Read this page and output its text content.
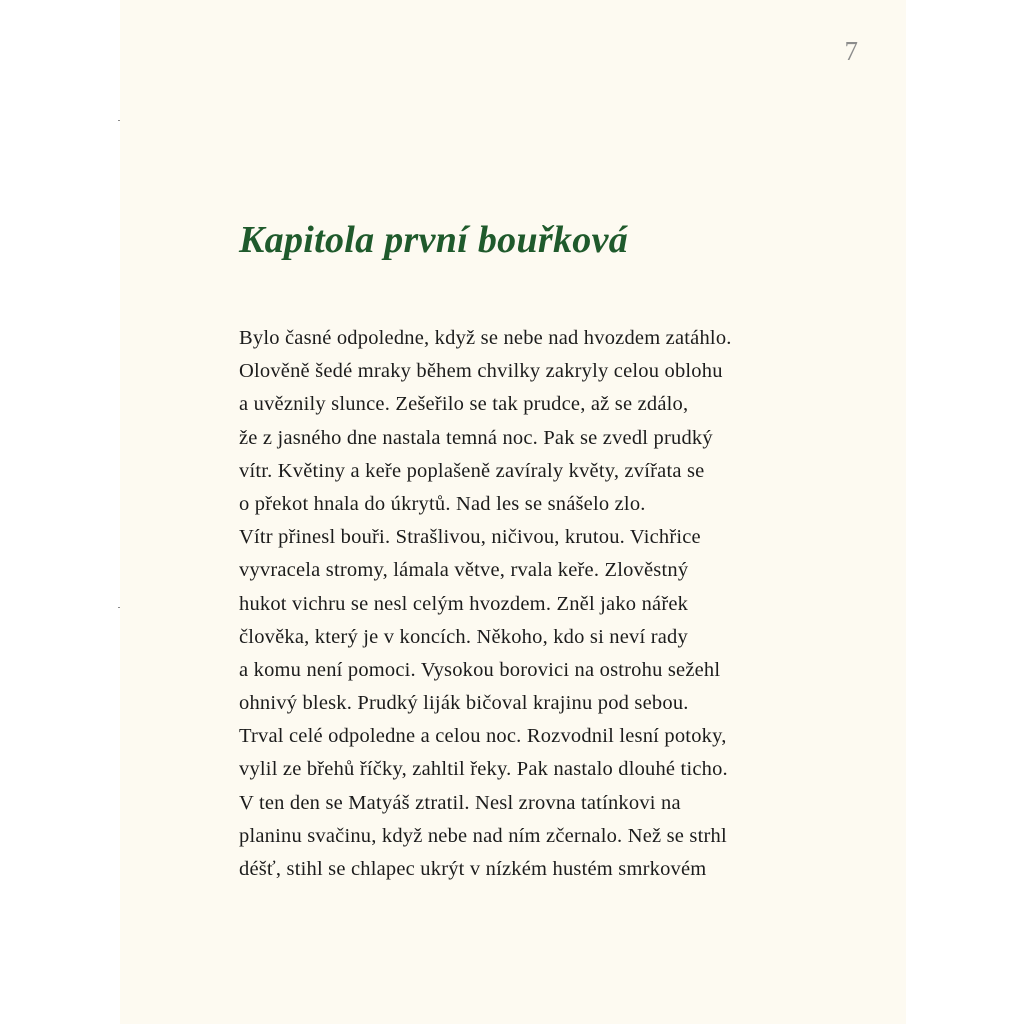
7
Kapitola první bouřková
Bylo časné odpoledne, když se nebe nad hvozdem zatáhlo.
Olověně šedé mraky během chvilky zakryly celou oblohu
a uvěznily slunce. Zešeřilo se tak prudce, až se zdálo,
že z jasného dne nastala temná noc. Pak se zvedl prudký
vítr. Květiny a keře poplašeně zavíraly květy, zvířata se
o překot hnala do úkrytů. Nad les se snášelo zlo.
Vítr přinesl bouři. Strašlivou, ničivou, krutou. Vichřice
vyvracela stromy, lámala větve, rvala keře. Zlověstný
hukot vichru se nesl celým hvozdem. Zněl jako nářek
člověka, který je v koncích. Někoho, kdo si neví rady
a komu není pomoci. Vysokou borovici na ostrohu sežehl
ohnivý blesk. Prudký liják bičoval krajinu pod sebou.
Trval celé odpoledne a celou noc. Rozvodnil lesní potoky,
vylil ze břehů říčky, zahltil řeky. Pak nastalo dlouhé ticho.
V ten den se Matyáš ztratil. Nesl zrovna tatínkovi na
planinu svačinu, když nebe nad ním zčernalo. Než se strhl
déšť, stihl se chlapec ukrýt v nízkém hustém smrkovém
